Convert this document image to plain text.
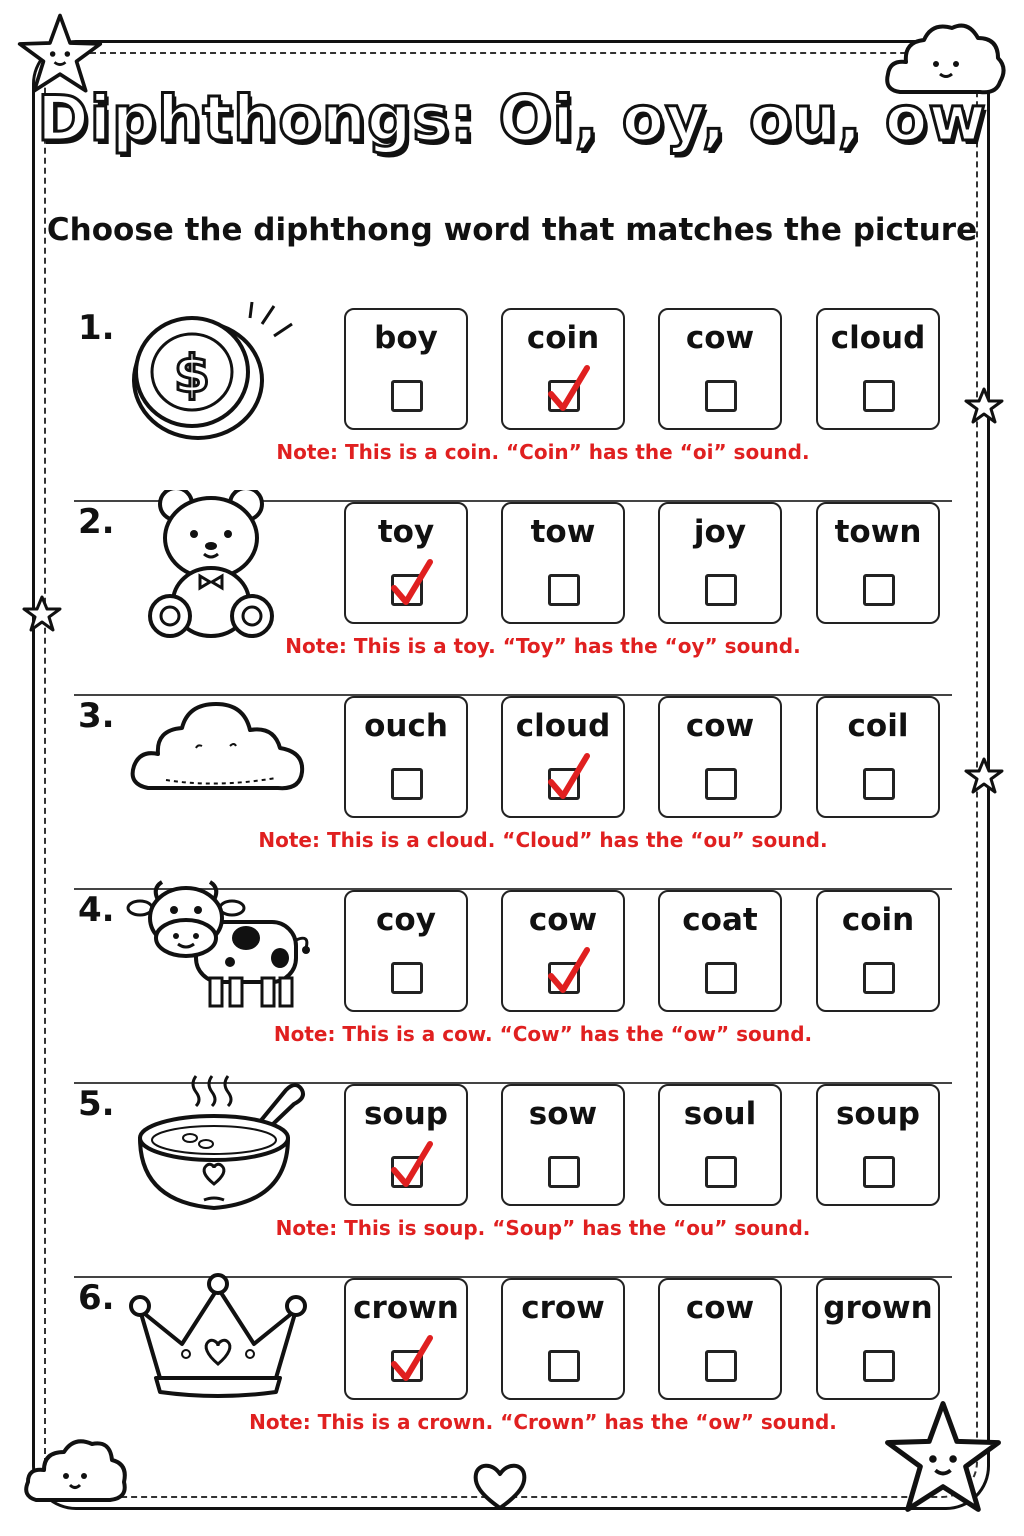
Diphthongs: Oi, oy, ou, ow

Choose the diphthong word that matches the picture

1.
$
boy	coin	cow	cloud
Note: This is a coin. “Coin” has the “oi” sound.
2.	toy	tow	joy	town
Note: This is a toy. “Toy” has the “oy” sound.
3.	ouch	cloud	cow	coil
Note: This is a cloud. “Cloud” has the “ou” sound.
4.	coy	cow	coat	coin
Note: This is a cow. “Cow” has the “ow” sound.
5.	soup	sow	soul	soup
Note: This is soup. “Soup” has the “ou” sound.
6.	crown	crow	cow	grown
Note: This is a crown. “Crown” has the “ow” sound.
